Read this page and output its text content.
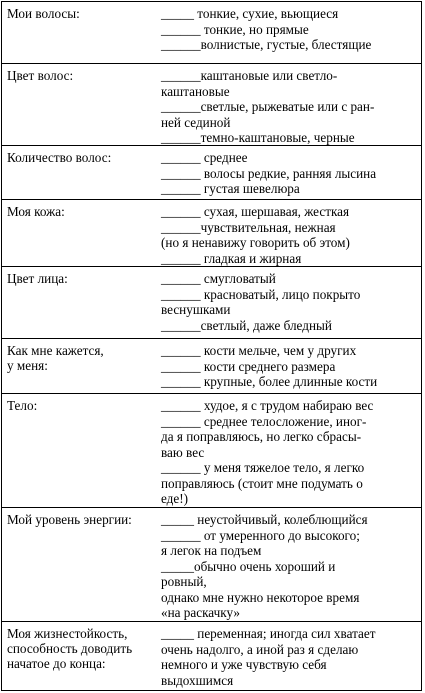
Мои волосы:	_____ тонкие, сухие, вьющиеся
______ тонкие, но прямые
______волнистые, густые, блестящие
Цвет волос:	______каштановые или светло-
каштановые
______светлые, рыжеватые или с ран-
ней сединой
______темно-каштановые, черные
Количество волос:	______ среднее
______ волосы редкие, ранняя лысина
______ густая шевелюра
Моя кожа:	______ сухая, шершавая, жесткая
______чувствительная, нежная
(но я ненавижу говорить об этом)
______ гладкая и жирная
Цвет лица:	______ смугловатый
______ красноватый, лицо покрыто
веснушками
______светлый, даже бледный
Как мне кажется,
у меня:
______ кости мельче, чем у других
______ кости среднего размера
______ крупные, более длинные кости
Тело:	______ худое, я с трудом набираю вес
______ среднее телосложение, иног-
да я поправляюсь, но легко сбрасы-
ваю вес
______ у меня тяжелое тело, я легко
поправляюсь (стоит мне подумать о
еде!)
Мой уровень энергии:	_____ неустойчивый, колеблющийся
______ от умеренного до высокого;
я легок на подъем
_____обычно очень хороший и
ровный,
однако мне нужно некоторое время
«на раскачку»
Моя жизнестойкость,
способность доводить
начатое до конца:
_____ переменная; иногда сил хватает
очень надолго, а иной раз я сделаю
немного и уже чувствую себя
выдохшимся
